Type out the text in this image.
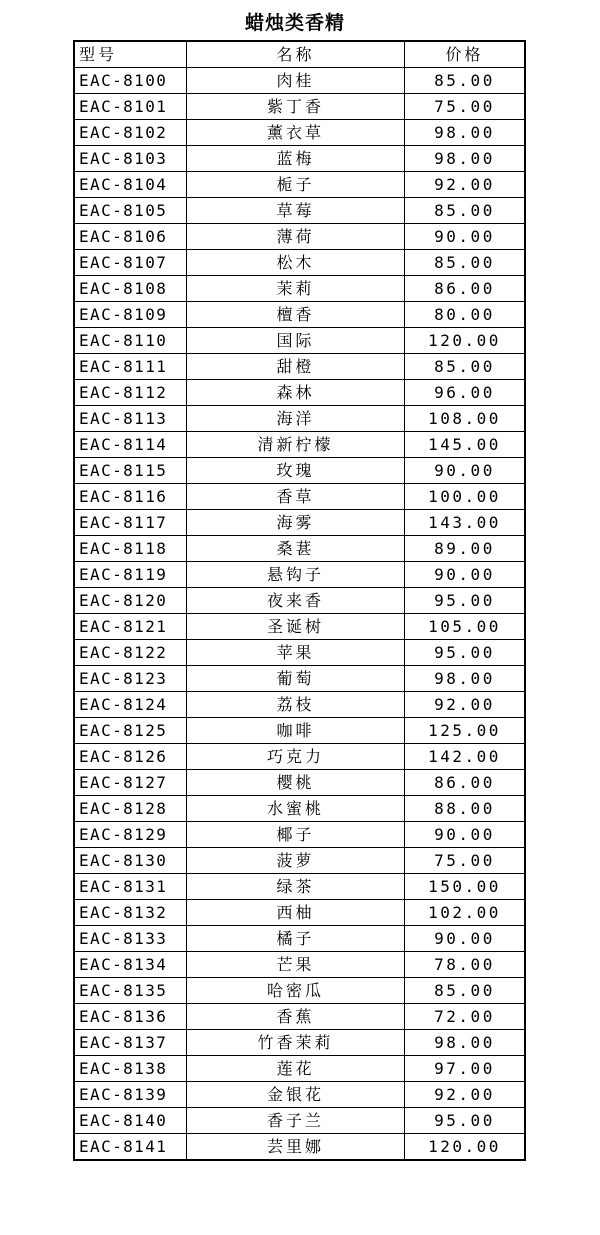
蜡烛类香精
型号	名称	价格
EAC-8100	肉桂	85.00
EAC-8101	紫丁香	75.00
EAC-8102	薰衣草	98.00
EAC-8103	蓝梅	98.00
EAC-8104	栀子	92.00
EAC-8105	草莓	85.00
EAC-8106	薄荷	90.00
EAC-8107	松木	85.00
EAC-8108	茉莉	86.00
EAC-8109	檀香	80.00
EAC-8110	国际	120.00
EAC-8111	甜橙	85.00
EAC-8112	森林	96.00
EAC-8113	海洋	108.00
EAC-8114	清新柠檬	145.00
EAC-8115	玫瑰	90.00
EAC-8116	香草	100.00
EAC-8117	海雾	143.00
EAC-8118	桑葚	89.00
EAC-8119	悬钩子	90.00
EAC-8120	夜来香	95.00
EAC-8121	圣诞树	105.00
EAC-8122	苹果	95.00
EAC-8123	葡萄	98.00
EAC-8124	荔枝	92.00
EAC-8125	咖啡	125.00
EAC-8126	巧克力	142.00
EAC-8127	樱桃	86.00
EAC-8128	水蜜桃	88.00
EAC-8129	椰子	90.00
EAC-8130	菠萝	75.00
EAC-8131	绿茶	150.00
EAC-8132	西柚	102.00
EAC-8133	橘子	90.00
EAC-8134	芒果	78.00
EAC-8135	哈密瓜	85.00
EAC-8136	香蕉	72.00
EAC-8137	竹香茉莉	98.00
EAC-8138	莲花	97.00
EAC-8139	金银花	92.00
EAC-8140	香子兰	95.00
EAC-8141	芸里娜	120.00
